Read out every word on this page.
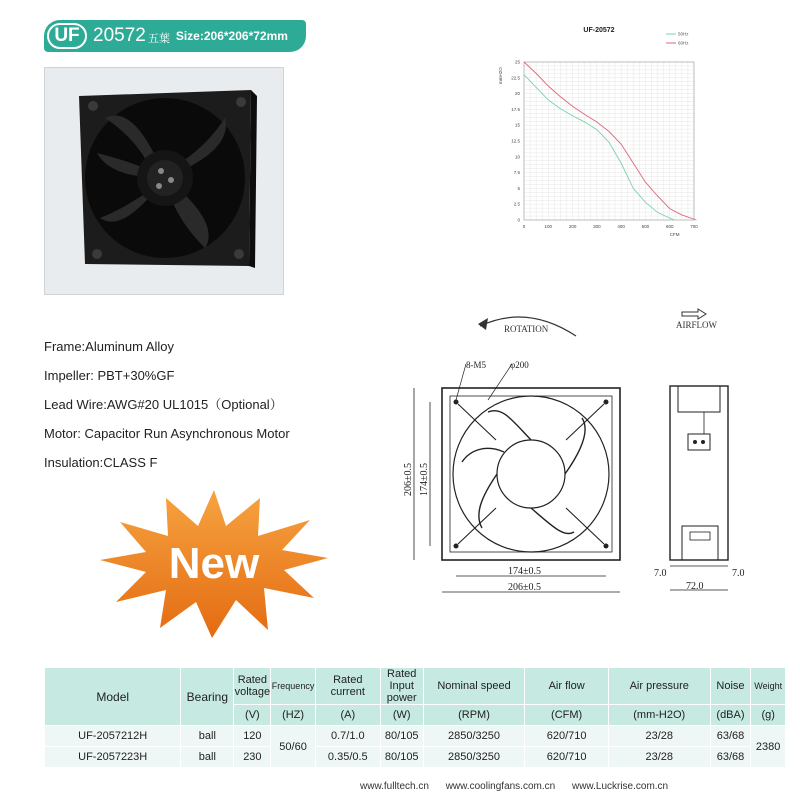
UF 20572 五葉 Size:206*206*72mm	UF-20572
0	100	200	300	400	500	600	700
0
2.5
5
7.5
10
12.5
15
17.5
20
22.5
25
CFM
mmH2O
50Hz
60Hz
Frame:Aluminum Alloy
Impeller: PBT+30%GF
Lead Wire:AWG#20 UL1015（Optional）
Motor: Capacitor Run Asynchronous Motor
Insulation:CLASS F
New
ROTATION	AIRFLOW
8-M5	φ200
206±0.5 174±0.5
174±0.5
206±0.5
7.0	7.0
72.0
Model	Bearing	Rated voltage	Frequency	Rated current	Rated Input power	Nominal speed	Air flow	Air pressure	Noise	Weight
		(V)	(HZ)	(A)	(W)	(RPM)	(CFM)	(mm-H2O)	(dBA)	(g)
UF-2057212H	ball	120	50/60	0.7/1.0	80/105	2850/3250	620/710	23/28	63/68	2380
UF-2057223H	ball	230		0.35/0.5	80/105	2850/3250	620/710	23/28	63/68	
www.fulltech.cn www.coolingfans.com.cn www.Luckrise.com.cn
